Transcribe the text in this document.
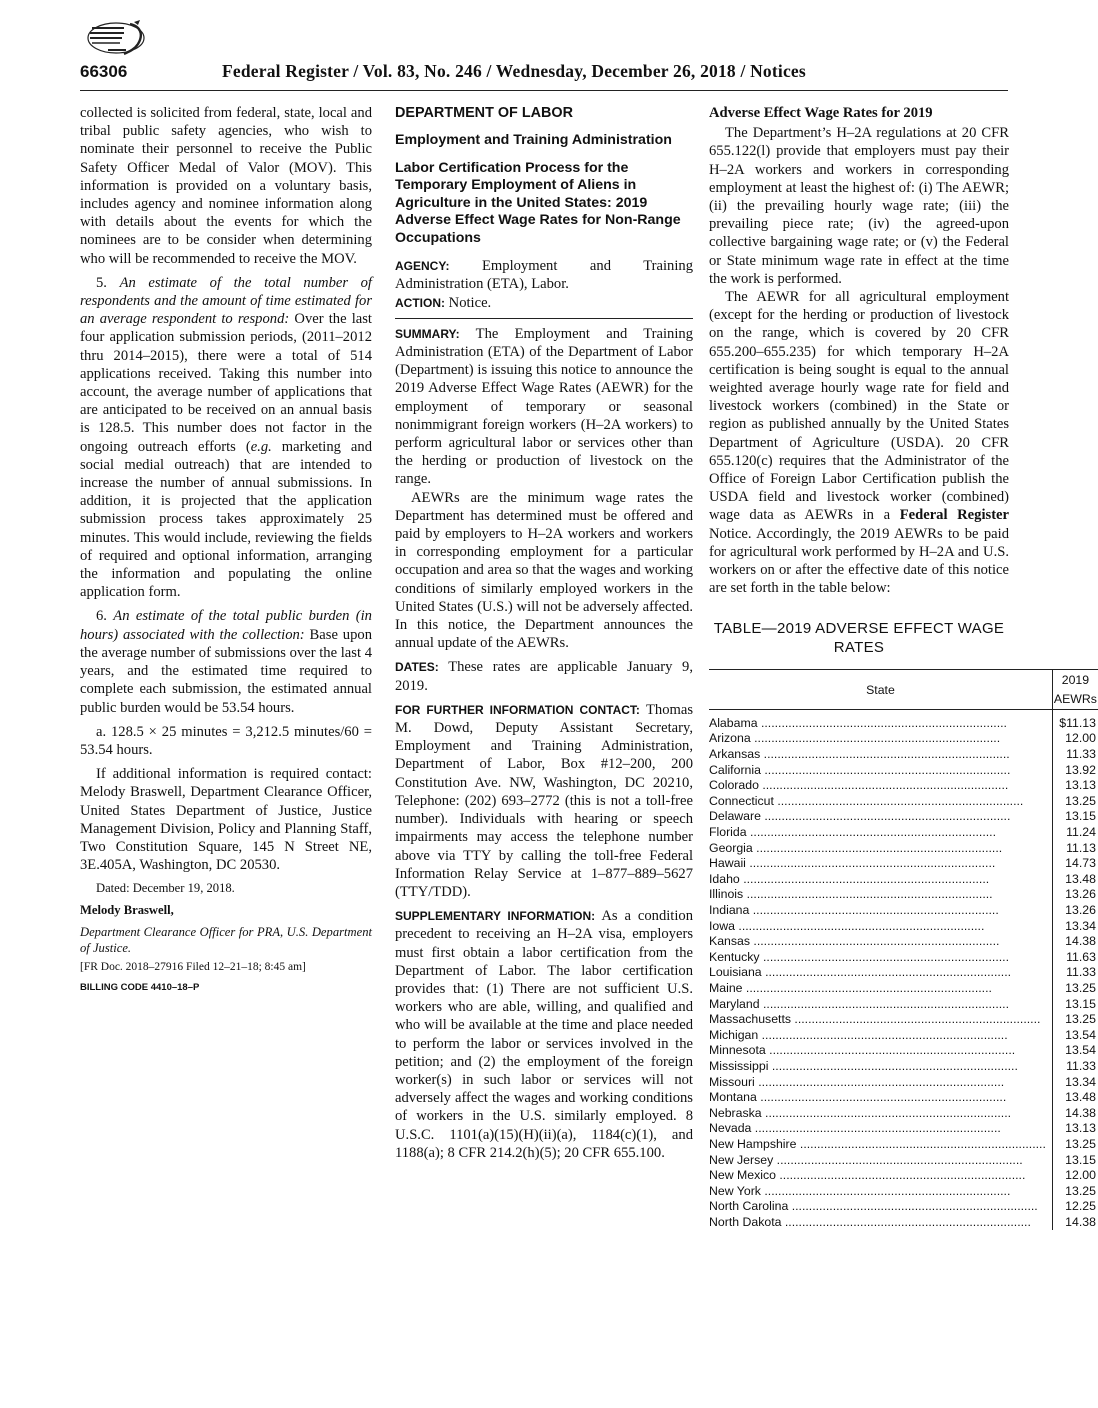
66306	Federal Register / Vol. 83, No. 246 / Wednesday, December 26, 2018 / Notices

collected is solicited from federal, state, local and tribal public safety agencies, who wish to nominate their personnel to receive the Public Safety Officer Medal of Valor (MOV). This information is provided on a voluntary basis, includes agency and nominee information along with details about the events for which the nominees are to be consider when determining who will be recommended to receive the MOV.

5. An estimate of the total number of respondents and the amount of time estimated for an average respondent to respond: Over the last four application submission periods, (2011–2012 thru 2014–2015), there were a total of 514 applications received. Taking this number into account, the average number of applications that are anticipated to be received on an annual basis is 128.5. This number does not factor in the ongoing outreach efforts (e.g. marketing and social medial outreach) that are intended to increase the number of annual submissions. In addition, it is projected that the application submission process takes approximately 25 minutes. This would include, reviewing the fields of required and optional information, arranging the information and populating the online application form.

6. An estimate of the total public burden (in hours) associated with the collection: Base upon the average number of submissions over the last 4 years, and the estimated time required to complete each submission, the estimated annual public burden would be 53.54 hours.

a. 128.5 × 25 minutes = 3,212.5 minutes/60 = 53.54 hours.

If additional information is required contact: Melody Braswell, Department Clearance Officer, United States Department of Justice, Justice Management Division, Policy and Planning Staff, Two Constitution Square, 145 N Street NE, 3E.405A, Washington, DC 20530.

Dated: December 19, 2018.

Melody Braswell,

Department Clearance Officer for PRA, U.S. Department of Justice.

[FR Doc. 2018–27916 Filed 12–21–18; 8:45 am]

BILLING CODE 4410–18–P

DEPARTMENT OF LABOR

Employment and Training Administration

Labor Certification Process for the Temporary Employment of Aliens in Agriculture in the United States: 2019 Adverse Effect Wage Rates for Non-Range Occupations

AGENCY: Employment and Training Administration (ETA), Labor.

ACTION: Notice.

SUMMARY: The Employment and Training Administration (ETA) of the Department of Labor (Department) is issuing this notice to announce the 2019 Adverse Effect Wage Rates (AEWR) for the employment of temporary or seasonal nonimmigrant foreign workers (H–2A workers) to perform agricultural labor or services other than the herding or production of livestock on the range.

AEWRs are the minimum wage rates the Department has determined must be offered and paid by employers to H–2A workers and workers in corresponding employment for a particular occupation and area so that the wages and working conditions of similarly employed workers in the United States (U.S.) will not be adversely affected. In this notice, the Department announces the annual update of the AEWRs.

DATES: These rates are applicable January 9, 2019.

FOR FURTHER INFORMATION CONTACT: Thomas M. Dowd, Deputy Assistant Secretary, Employment and Training Administration, Department of Labor, Box #12–200, 200 Constitution Ave. NW, Washington, DC 20210, Telephone: (202) 693–2772 (this is not a toll-free number). Individuals with hearing or speech impairments may access the telephone number above via TTY by calling the toll-free Federal Information Relay Service at 1–877–889–5627 (TTY/TDD).

SUPPLEMENTARY INFORMATION: As a condition precedent to receiving an H–2A visa, employers must first obtain a labor certification from the Department of Labor. The labor certification provides that: (1) There are not sufficient U.S. workers who are able, willing, and qualified and who will be available at the time and place needed to perform the labor or services involved in the petition; and (2) the employment of the foreign worker(s) in such labor or services will not adversely affect the wages and working conditions of workers in the U.S. similarly employed. 8 U.S.C. 1101(a)(15)(H)(ii)(a), 1184(c)(1), and 1188(a); 8 CFR 214.2(h)(5); 20 CFR 655.100.

Adverse Effect Wage Rates for 2019

The Department’s H–2A regulations at 20 CFR 655.122(l) provide that employers must pay their H–2A workers and workers in corresponding employment at least the highest of: (i) The AEWR; (ii) the prevailing hourly wage rate; (iii) the prevailing piece rate; (iv) the agreed-upon collective bargaining wage rate; or (v) the Federal or State minimum wage rate in effect at the time the work is performed.

The AEWR for all agricultural employment (except for the herding or production of livestock on the range, which is covered by 20 CFR 655.200–655.235) for which temporary H–2A certification is being sought is equal to the annual weighted average hourly wage rate for field and livestock workers (combined) in the State or region as published annually by the United States Department of Agriculture (USDA). 20 CFR 655.120(c) requires that the Administrator of the Office of Foreign Labor Certification publish the USDA field and livestock worker (combined) wage data as AEWRs in a Federal Register Notice. Accordingly, the 2019 AEWRs to be paid for agricultural work performed by H–2A and U.S. workers on or after the effective date of this notice are set forth in the table below:

TABLE—2019 ADVERSE EFFECT WAGE RATES
State	2019 AEWRs
Alabama .....	$11.13
Arizona .....	12.00
Arkansas .....	11.33
California .....	13.92
Colorado .....	13.13
Connecticut .....	13.25
Delaware .....	13.15
Florida .....	11.24
Georgia .....	11.13
Hawaii .....	14.73
Idaho .....	13.48
Illinois .....	13.26
Indiana .....	13.26
Iowa .....	13.34
Kansas .....	14.38
Kentucky .....	11.63
Louisiana .....	11.33
Maine .....	13.25
Maryland .....	13.15
Massachusetts .....	13.25
Michigan .....	13.54
Minnesota .....	13.54
Mississippi .....	11.33
Missouri .....	13.34
Montana .....	13.48
Nebraska .....	14.38
Nevada .....	13.13
New Hampshire .....	13.25
New Jersey .....	13.15
New Mexico .....	12.00
New York .....	13.25
North Carolina .....	12.25
North Dakota .....	14.38
